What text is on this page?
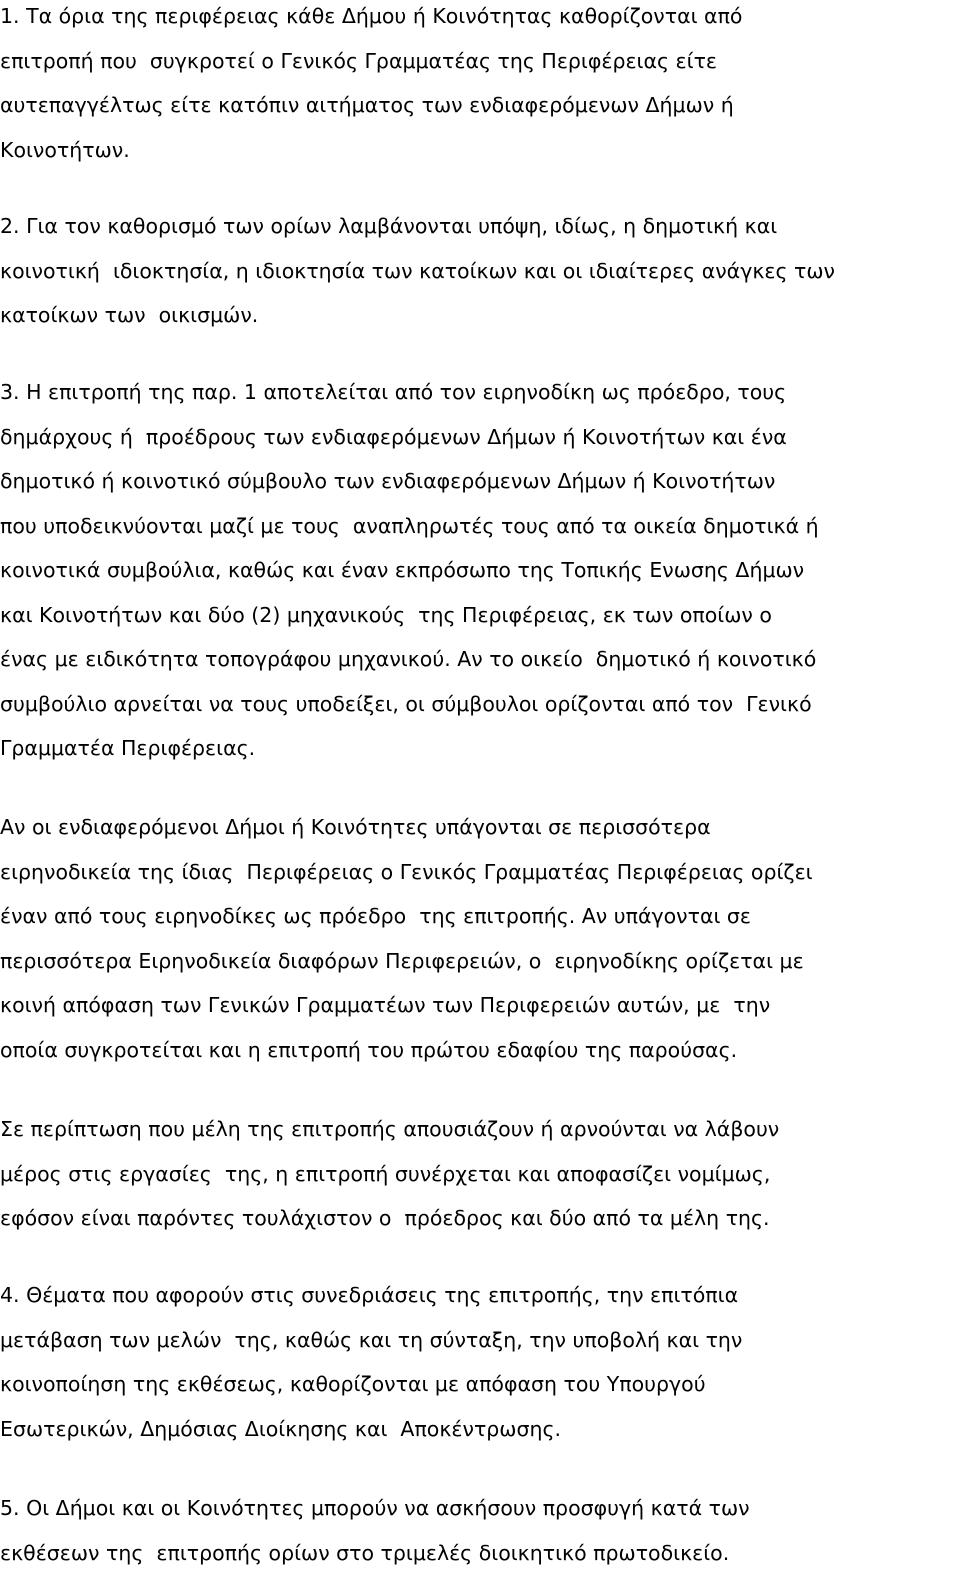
1. Τα όρια της περιφέρειας κάθε Δήμου ή Κοινότητας καθορίζονται από
επιτροπή που  συγκροτεί ο Γενικός Γραμματέας της Περιφέρειας είτε
αυτεπαγγέλτως είτε κατόπιν αιτήματος των ενδιαφερόμενων Δήμων ή
Κοινοτήτων.
2. Για τον καθορισμό των ορίων λαμβάνονται υπόψη, ιδίως, η δημοτική και
κοινοτική  ιδιοκτησία, η ιδιοκτησία των κατοίκων και οι ιδιαίτερες ανάγκες των
κατοίκων των  οικισμών.
3. Η επιτροπή της παρ. 1 αποτελείται από τον ειρηνοδίκη ως πρόεδρο, τους
δημάρχους ή  προέδρους των ενδιαφερόμενων Δήμων ή Κοινοτήτων και ένα
δημοτικό ή κοινοτικό σύμβουλο των ενδιαφερόμενων Δήμων ή Κοινοτήτων
που υποδεικνύονται μαζί με τους  αναπληρωτές τους από τα οικεία δημοτικά ή
κοινοτικά συμβούλια, καθώς και έναν εκπρόσωπο της Τοπικής Ενωσης Δήμων
και Κοινοτήτων και δύο (2) μηχανικούς  της Περιφέρειας, εκ των οποίων ο
ένας με ειδικότητα τοπογράφου μηχανικού. Αν το οικείο  δημοτικό ή κοινοτικό
συμβούλιο αρνείται να τους υποδείξει, οι σύμβουλοι ορίζονται από τον  Γενικό
Γραμματέα Περιφέρειας.
Αν οι ενδιαφερόμενοι Δήμοι ή Κοινότητες υπάγονται σε περισσότερα
ειρηνοδικεία της ίδιας  Περιφέρειας ο Γενικός Γραμματέας Περιφέρειας ορίζει
έναν από τους ειρηνοδίκες ως πρόεδρο  της επιτροπής. Αν υπάγονται σε
περισσότερα Ειρηνοδικεία διαφόρων Περιφερειών, ο  ειρηνοδίκης ορίζεται με
κοινή απόφαση των Γενικών Γραμματέων των Περιφερειών αυτών, με  την
οποία συγκροτείται και η επιτροπή του πρώτου εδαφίου της παρούσας.
Σε περίπτωση που μέλη της επιτροπής απουσιάζουν ή αρνούνται να λάβουν
μέρος στις εργασίες  της, η επιτροπή συνέρχεται και αποφασίζει νομίμως,
εφόσον είναι παρόντες τουλάχιστον ο  πρόεδρος και δύο από τα μέλη της.
4. Θέματα που αφορούν στις συνεδριάσεις της επιτροπής, την επιτόπια
μετάβαση των μελών  της, καθώς και τη σύνταξη, την υποβολή και την
κοινοποίηση της εκθέσεως, καθορίζονται με απόφαση του Υπουργού
Εσωτερικών, Δημόσιας Διοίκησης και  Αποκέντρωσης.
5. Οι Δήμοι και οι Κοινότητες μπορούν να ασκήσουν προσφυγή κατά των
εκθέσεων της  επιτροπής ορίων στο τριμελές διοικητικό πρωτοδικείο.
